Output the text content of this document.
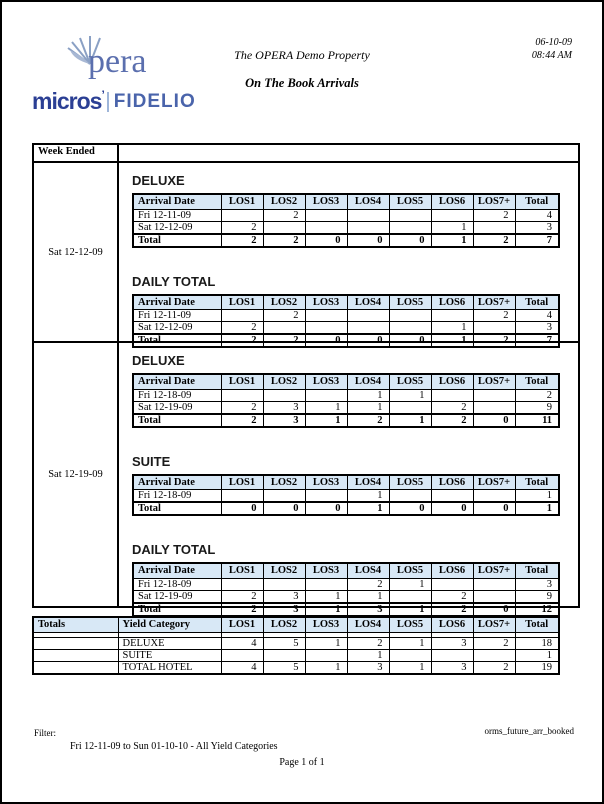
pera
micros$^ʼ$ FIDELIO
The OPERA Demo Property
On The Book Arrivals
06-10-09
08:44 AM
Week Ended
Sat 12-12-09
DELUXE
Arrival Date	LOS1	LOS2	LOS3	LOS4	LOS5	LOS6	LOS7+	Total
Fri 12-11-09		2					2	4
Sat 12-12-09	2					1		3
Total	2	2	0	0	0	1	2	7
DAILY TOTAL
Arrival Date	LOS1	LOS2	LOS3	LOS4	LOS5	LOS6	LOS7+	Total
Fri 12-11-09		2					2	4
Sat 12-12-09	2					1		3
Total	2	2	0	0	0	1	2	7
Sat 12-19-09
DELUXE
Arrival Date	LOS1	LOS2	LOS3	LOS4	LOS5	LOS6	LOS7+	Total
Fri 12-18-09				1	1			2
Sat 12-19-09	2	3	1	1		2		9
Total	2	3	1	2	1	2	0	11
SUITE
Arrival Date	LOS1	LOS2	LOS3	LOS4	LOS5	LOS6	LOS7+	Total
Fri 12-18-09				1				1
Total	0	0	0	1	0	0	0	1
DAILY TOTAL
Arrival Date	LOS1	LOS2	LOS3	LOS4	LOS5	LOS6	LOS7+	Total
Fri 12-18-09				2	1			3
Sat 12-19-09	2	3	1	1		2		9
Total	2	3	1	3	1	2	0	12
Totals	Yield Category	LOS1	LOS2	LOS3	LOS4	LOS5	LOS6	LOS7+	Total

	DELUXE	4	5	1	2	1	3	2	18
	SUITE				1				1
	TOTAL HOTEL	4	5	1	3	1	3	2	19
Filter:	orms_future_arr_booked
Fri 12-11-09 to Sun 01-10-10 - All Yield Categories
Page 1 of 1
